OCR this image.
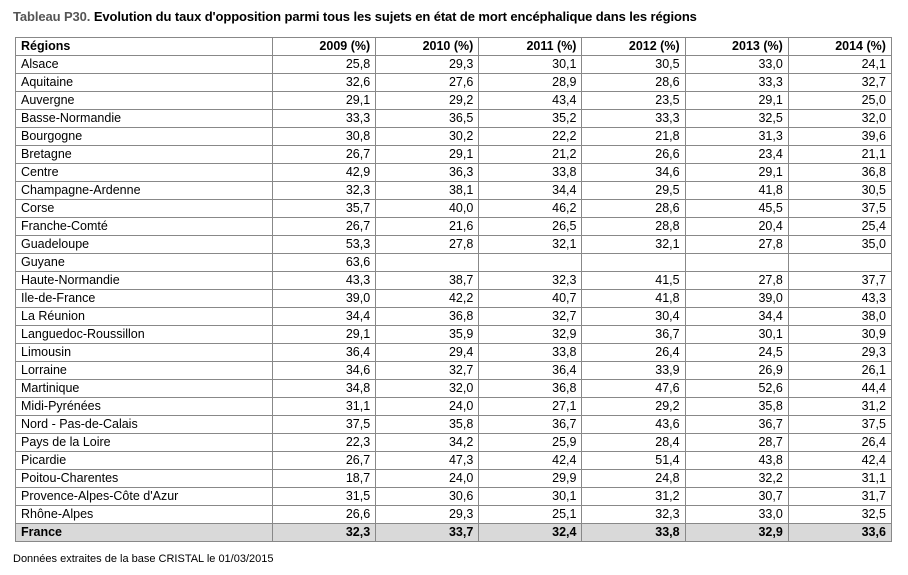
Tableau P30. Evolution du taux d'opposition parmi tous les sujets en état de mort encéphalique dans les régions
Régions	2009 (%)	2010 (%)	2011 (%)	2012 (%)	2013 (%)	2014 (%)
Alsace	25,8	29,3	30,1	30,5	33,0	24,1
Aquitaine	32,6	27,6	28,9	28,6	33,3	32,7
Auvergne	29,1	29,2	43,4	23,5	29,1	25,0
Basse-Normandie	33,3	36,5	35,2	33,3	32,5	32,0
Bourgogne	30,8	30,2	22,2	21,8	31,3	39,6
Bretagne	26,7	29,1	21,2	26,6	23,4	21,1
Centre	42,9	36,3	33,8	34,6	29,1	36,8
Champagne-Ardenne	32,3	38,1	34,4	29,5	41,8	30,5
Corse	35,7	40,0	46,2	28,6	45,5	37,5
Franche-Comté	26,7	21,6	26,5	28,8	20,4	25,4
Guadeloupe	53,3	27,8	32,1	32,1	27,8	35,0
Guyane	63,6					
Haute-Normandie	43,3	38,7	32,3	41,5	27,8	37,7
Ile-de-France	39,0	42,2	40,7	41,8	39,0	43,3
La Réunion	34,4	36,8	32,7	30,4	34,4	38,0
Languedoc-Roussillon	29,1	35,9	32,9	36,7	30,1	30,9
Limousin	36,4	29,4	33,8	26,4	24,5	29,3
Lorraine	34,6	32,7	36,4	33,9	26,9	26,1
Martinique	34,8	32,0	36,8	47,6	52,6	44,4
Midi-Pyrénées	31,1	24,0	27,1	29,2	35,8	31,2
Nord - Pas-de-Calais	37,5	35,8	36,7	43,6	36,7	37,5
Pays de la Loire	22,3	34,2	25,9	28,4	28,7	26,4
Picardie	26,7	47,3	42,4	51,4	43,8	42,4
Poitou-Charentes	18,7	24,0	29,9	24,8	32,2	31,1
Provence-Alpes-Côte d'Azur	31,5	30,6	30,1	31,2	30,7	31,7
Rhône-Alpes	26,6	29,3	25,1	32,3	33,0	32,5
France	32,3	33,7	32,4	33,8	32,9	33,6
Données extraites de la base CRISTAL le 01/03/2015
